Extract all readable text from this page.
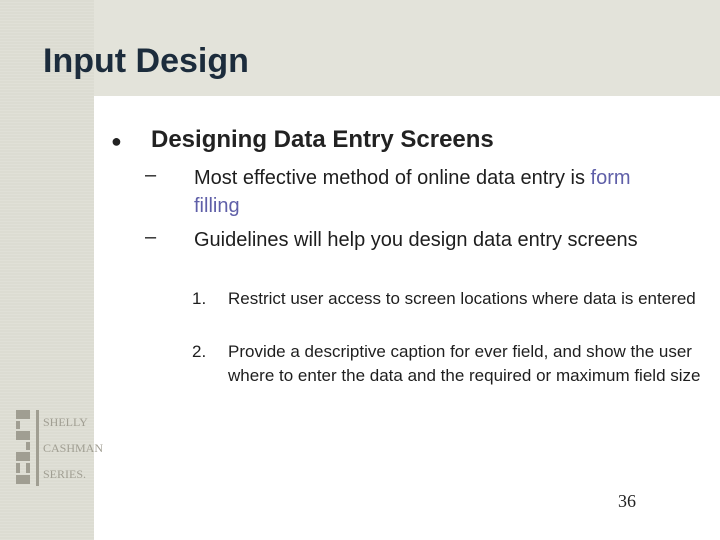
Input Design
●	Designing Data Entry Screens
–	Most effective method of online data entry is form filling
–	Guidelines will help you design data entry screens
1.	Restrict user access to screen locations where data is entered
2.	Provide a descriptive caption for ever field, and show the user where to enter the data and the required or maximum field size
SHELLY
CASHMAN
SERIES.
36
